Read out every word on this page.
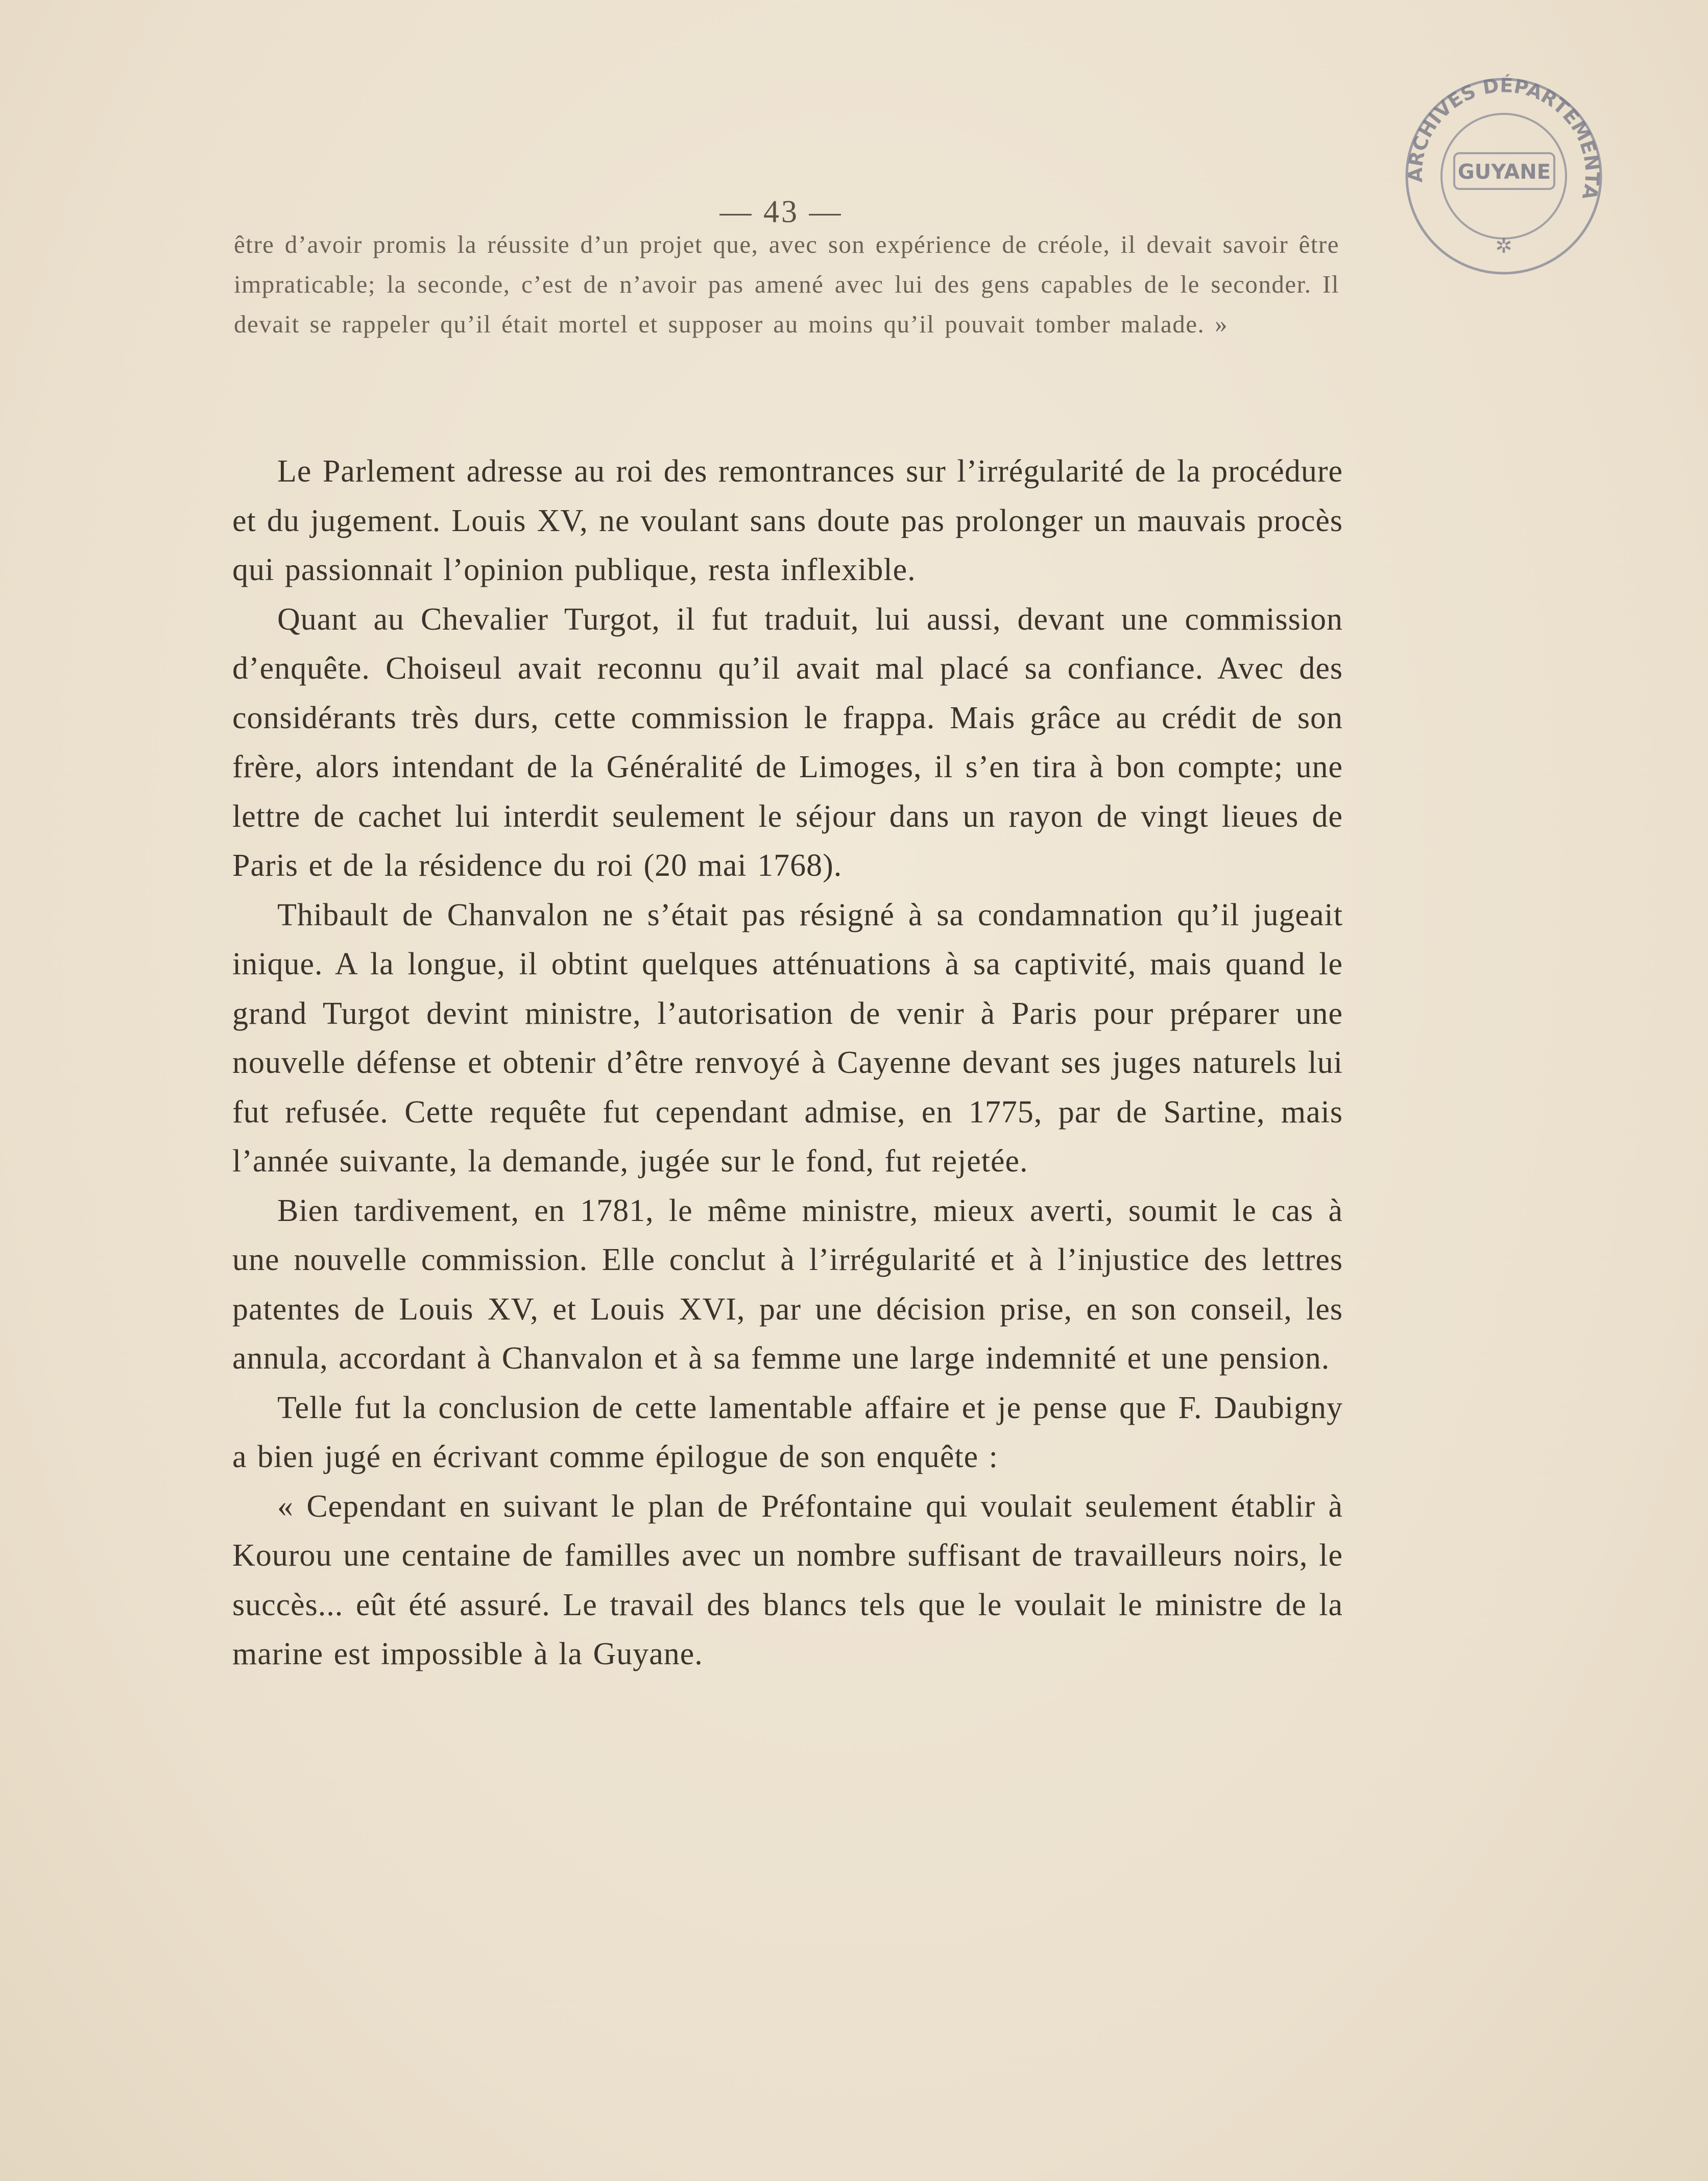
ARCHIVES DÉPARTEMENTA
GUYANE
✲
— 43 —
être d’avoir promis la réussite d’un projet que, avec son expérience de créole, il devait savoir être impraticable; la seconde, c’est de n’avoir pas amené avec lui des gens capables de le seconder. Il devait se rappeler qu’il était mortel et supposer au moins qu’il pouvait tomber malade. »

Le Parlement adresse au roi des remontrances sur l’irrégularité de la procédure et du jugement. Louis XV, ne voulant sans doute pas prolonger un mauvais procès qui passionnait l’opinion publique, resta inflexible.

Quant au Chevalier Turgot, il fut traduit, lui aussi, devant une commission d’enquête. Choiseul avait reconnu qu’il avait mal placé sa confiance. Avec des considérants très durs, cette commission le frappa. Mais grâce au crédit de son frère, alors intendant de la Généralité de Limoges, il s’en tira à bon compte; une lettre de cachet lui interdit seulement le séjour dans un rayon de vingt lieues de Paris et de la résidence du roi (20 mai 1768).

Thibault de Chanvalon ne s’était pas résigné à sa condamnation qu’il jugeait inique. A la longue, il obtint quelques atténuations à sa captivité, mais quand le grand Turgot devint ministre, l’autorisation de venir à Paris pour préparer une nouvelle défense et obtenir d’être renvoyé à Cayenne devant ses juges naturels lui fut refusée. Cette requête fut cependant admise, en 1775, par de Sartine, mais l’année suivante, la demande, jugée sur le fond, fut rejetée.

Bien tardivement, en 1781, le même ministre, mieux averti, soumit le cas à une nouvelle commission. Elle conclut à l’irrégularité et à l’injustice des lettres patentes de Louis XV, et Louis XVI, par une décision prise, en son conseil, les annula, accordant à Chanvalon et à sa femme une large indemnité et une pension.

Telle fut la conclusion de cette lamentable affaire et je pense que F. Daubigny a bien jugé en écrivant comme épilogue de son enquête :

« Cependant en suivant le plan de Préfontaine qui voulait seulement établir à Kourou une centaine de familles avec un nombre suffisant de travailleurs noirs, le succès... eût été assuré. Le travail des blancs tels que le voulait le ministre de la marine est impossible à la Guyane.
